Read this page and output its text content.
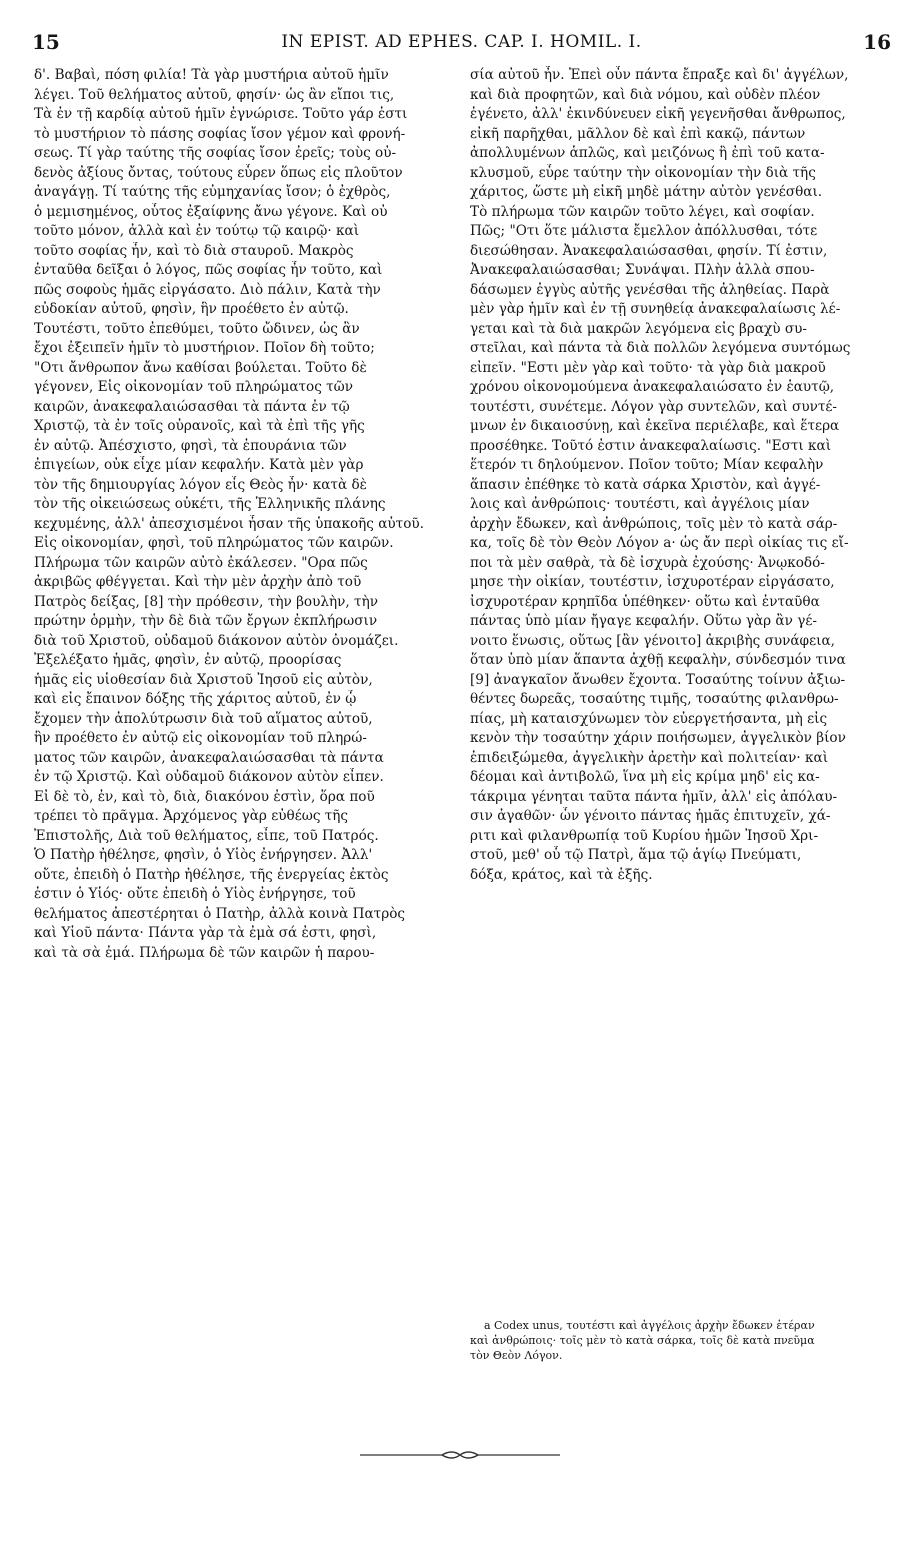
15	IN EPIST. AD EPHES. CAP. I. HOMIL. I.	16
δ'. Βαβαὶ, πόση φιλία! Τὰ γὰρ μυστήρια αὐτοῦ ἡμῖν
λέγει. Τοῦ θελήματος αὐτοῦ, φησίν· ὡς ἂν εἴποι τις,
Τὰ ἐν τῇ καρδίᾳ αὐτοῦ ἡμῖν ἐγνώρισε. Τοῦτο γάρ ἐστι
τὸ μυστήριον τὸ πάσης σοφίας ἴσον γέμον καὶ φρονή-
σεως. Τί γὰρ ταύτης τῆς σοφίας ἴσον ἐρεῖς; τοὺς οὐ-
δενὸς ἀξίους ὄντας, τούτους εὗρεν ὅπως εἰς πλοῦτον
ἀναγάγῃ. Τί ταύτης τῆς εὐμηχανίας ἴσον; ὁ ἐχθρὸς,
ὁ μεμισημένος, οὗτος ἐξαίφνης ἄνω γέγονε. Καὶ οὐ
τοῦτο μόνον, ἀλλὰ καὶ ἐν τούτῳ τῷ καιρῷ· καὶ
τοῦτο σοφίας ἦν, καὶ τὸ διὰ σταυροῦ. Μακρὸς
ἐνταῦθα δεῖξαι ὁ λόγος, πῶς σοφίας ἦν τοῦτο, καὶ
πῶς σοφοὺς ἡμᾶς εἰργάσατο. Διὸ πάλιν, Κατὰ τὴν
εὐδοκίαν αὐτοῦ, φησὶν, ἣν προέθετο ἐν αὐτῷ.
Τουτέστι, τοῦτο ἐπεθύμει, τοῦτο ὤδινεν, ὡς ἂν
ἔχοι ἐξειπεῖν ἡμῖν τὸ μυστήριον. Ποῖον δὴ τοῦτο;
"Οτι ἄνθρωπον ἄνω καθίσαι βούλεται. Τοῦτο δὲ
γέγονεν, Εἰς οἰκονομίαν τοῦ πληρώματος τῶν
καιρῶν, ἀνακεφαλαιώσασθαι τὰ πάντα ἐν τῷ
Χριστῷ, τὰ ἐν τοῖς οὐρανοῖς, καὶ τὰ ἐπὶ τῆς γῆς
ἐν αὐτῷ. Ἀπέσχιστο, φησὶ, τὰ ἐπουράνια τῶν
ἐπιγείων, οὐκ εἶχε μίαν κεφαλήν. Κατὰ μὲν γὰρ
τὸν τῆς δημιουργίας λόγον εἷς Θεὸς ἦν· κατὰ δὲ
τὸν τῆς οἰκειώσεως οὐκέτι, τῆς Ἑλληνικῆς πλάνης
κεχυμένης, ἀλλ' ἀπεσχισμένοι ἦσαν τῆς ὑπακοῆς αὐτοῦ.
Εἰς οἰκονομίαν, φησὶ, τοῦ πληρώματος τῶν καιρῶν.
Πλήρωμα τῶν καιρῶν αὐτὸ ἐκάλεσεν. "Ορα πῶς
ἀκριβῶς φθέγγεται. Καὶ τὴν μὲν ἀρχὴν ἀπὸ τοῦ
Πατρὸς δείξας, [8] τὴν πρόθεσιν, τὴν βουλὴν, τὴν
πρώτην ὁρμὴν, τὴν δὲ διὰ τῶν ἔργων ἐκπλήρωσιν
διὰ τοῦ Χριστοῦ, οὐδαμοῦ διάκονον αὐτὸν ὀνομάζει.
Ἐξελέξατο ἡμᾶς, φησὶν, ἐν αὐτῷ, προορίσας
ἡμᾶς εἰς υἱοθεσίαν διὰ Χριστοῦ Ἰησοῦ εἰς αὐτὸν,
καὶ εἰς ἔπαινον δόξης τῆς χάριτος αὐτοῦ, ἐν ᾧ
ἔχομεν τὴν ἀπολύτρωσιν διὰ τοῦ αἵματος αὐτοῦ,
ἣν προέθετο ἐν αὐτῷ εἰς οἰκονομίαν τοῦ πληρώ-
ματος τῶν καιρῶν, ἀνακεφαλαιώσασθαι τὰ πάντα
ἐν τῷ Χριστῷ. Καὶ οὐδαμοῦ διάκονον αὐτὸν εἶπεν.
Εἰ δὲ τὸ, ἐν, καὶ τὸ, διὰ, διακόνου ἐστὶν, ὅρα ποῦ
τρέπει τὸ πρᾶγμα. Ἀρχόμενος γὰρ εὐθέως τῆς
Ἐπιστολῆς, Διὰ τοῦ θελήματος, εἶπε, τοῦ Πατρός.
Ὁ Πατὴρ ἠθέλησε, φησὶν, ὁ Υἱὸς ἐνήργησεν. Ἀλλ'
οὔτε, ἐπειδὴ ὁ Πατὴρ ἠθέλησε, τῆς ἐνεργείας ἐκτὸς
ἐστιν ὁ Υἱός· οὔτε ἐπειδὴ ὁ Υἱὸς ἐνήργησε, τοῦ
θελήματος ἀπεστέρηται ὁ Πατὴρ, ἀλλὰ κοινὰ Πατρὸς
καὶ Υἱοῦ πάντα· Πάντα γὰρ τὰ ἐμὰ σά ἐστι, φησὶ,
καὶ τὰ σὰ ἐμά. Πλήρωμα δὲ τῶν καιρῶν ἡ παρου-
σία αὐτοῦ ἦν. Ἐπεὶ οὖν πάντα ἔπραξε καὶ δι' ἀγγέλων,
καὶ διὰ προφητῶν, καὶ διὰ νόμου, καὶ οὐδὲν πλέον
ἐγένετο, ἀλλ' ἐκινδύνευεν εἰκῆ γεγενῆσθαι ἄνθρωπος,
εἰκῆ παρῆχθαι, μᾶλλον δὲ καὶ ἐπὶ κακῷ, πάντων
ἀπολλυμένων ἁπλῶς, καὶ μειζόνως ἢ ἐπὶ τοῦ κατα-
κλυσμοῦ, εὗρε ταύτην τὴν οἰκονομίαν τὴν διὰ τῆς
χάριτος, ὥστε μὴ εἰκῆ μηδὲ μάτην αὐτὸν γενέσθαι.
Τὸ πλήρωμα τῶν καιρῶν τοῦτο λέγει, καὶ σοφίαν.
Πῶς; "Οτι ὅτε μάλιστα ἔμελλον ἀπόλλυσθαι, τότε
διεσώθησαν. Ἀνακεφαλαιώσασθαι, φησίν. Τί ἐστιν,
Ἀνακεφαλαιώσασθαι; Συνάψαι. Πλὴν ἀλλὰ σπου-
δάσωμεν ἐγγὺς αὐτῆς γενέσθαι τῆς ἀληθείας. Παρὰ
μὲν γὰρ ἡμῖν καὶ ἐν τῇ συνηθείᾳ ἀνακεφαλαίωσις λέ-
γεται καὶ τὰ διὰ μακρῶν λεγόμενα εἰς βραχὺ συ-
στεῖλαι, καὶ πάντα τὰ διὰ πολλῶν λεγόμενα συντόμως
εἰπεῖν. "Εστι μὲν γὰρ καὶ τοῦτο· τὰ γὰρ διὰ μακροῦ
χρόνου οἰκονομούμενα ἀνακεφαλαιώσατο ἐν ἑαυτῷ,
τουτέστι, συνέτεμε. Λόγον γὰρ συντελῶν, καὶ συντέ-
μνων ἐν δικαιοσύνῃ, καὶ ἐκεῖνα περιέλαβε, καὶ ἕτερα
προσέθηκε. Τοῦτό ἐστιν ἀνακεφαλαίωσις. "Εστι καὶ
ἕτερόν τι δηλούμενον. Ποῖον τοῦτο; Μίαν κεφαλὴν
ἅπασιν ἐπέθηκε τὸ κατὰ σάρκα Χριστὸν, καὶ ἀγγέ-
λοις καὶ ἀνθρώποις· τουτέστι, καὶ ἀγγέλοις μίαν
ἀρχὴν ἔδωκεν, καὶ ἀνθρώποις, τοῖς μὲν τὸ κατὰ σάρ-
κα, τοῖς δὲ τὸν Θεὸν Λόγον a· ὡς ἄν περὶ οἰκίας τις εἴ-
ποι τὰ μὲν σαθρὰ, τὰ δὲ ἰσχυρὰ ἐχούσης· Ἀνῳκοδό-
μησε τὴν οἰκίαν, τουτέστιν, ἰσχυροτέραν εἰργάσατο,
ἰσχυροτέραν κρηπῖδα ὑπέθηκεν· οὕτω καὶ ἐνταῦθα
πάντας ὑπὸ μίαν ἤγαγε κεφαλήν. Οὕτω γὰρ ἂν γέ-
νοιτο ἕνωσις, οὕτως [ἂν γένοιτο] ἀκριβὴς συνάφεια,
ὅταν ὑπὸ μίαν ἅπαντα ἀχθῇ κεφαλὴν, σύνδεσμόν τινα
[9] ἀναγκαῖον ἄνωθεν ἔχοντα. Τοσαύτης τοίνυν ἀξιω-
θέντες δωρεᾶς, τοσαύτης τιμῆς, τοσαύτης φιλανθρω-
πίας, μὴ καταισχύνωμεν τὸν εὐεργετήσαντα, μὴ εἰς
κενὸν τὴν τοσαύτην χάριν ποιήσωμεν, ἀγγελικὸν βίον
ἐπιδειξώμεθα, ἀγγελικὴν ἀρετὴν καὶ πολιτείαν· καὶ
δέομαι καὶ ἀντιβολῶ, ἵνα μὴ εἰς κρίμα μηδ' εἰς κα-
τάκριμα γένηται ταῦτα πάντα ἡμῖν, ἀλλ' εἰς ἀπόλαυ-
σιν ἀγαθῶν· ὧν γένοιτο πάντας ἡμᾶς ἐπιτυχεῖν, χά-
ριτι καὶ φιλανθρωπίᾳ τοῦ Κυρίου ἡμῶν Ἰησοῦ Χρι-
στοῦ, μεθ' οὗ τῷ Πατρὶ, ἅμα τῷ ἁγίῳ Πνεύματι,
δόξα, κράτος, καὶ τὰ ἑξῆς.
a Codex unus, τουτέστι καὶ ἀγγέλοις ἀρχὴν ἔδωκεν ἑτέραν
καὶ ἀνθρώποις· τοῖς μὲν τὸ κατὰ σάρκα, τοῖς δὲ κατὰ πνεῦμα
τὸν Θεὸν Λόγον.
